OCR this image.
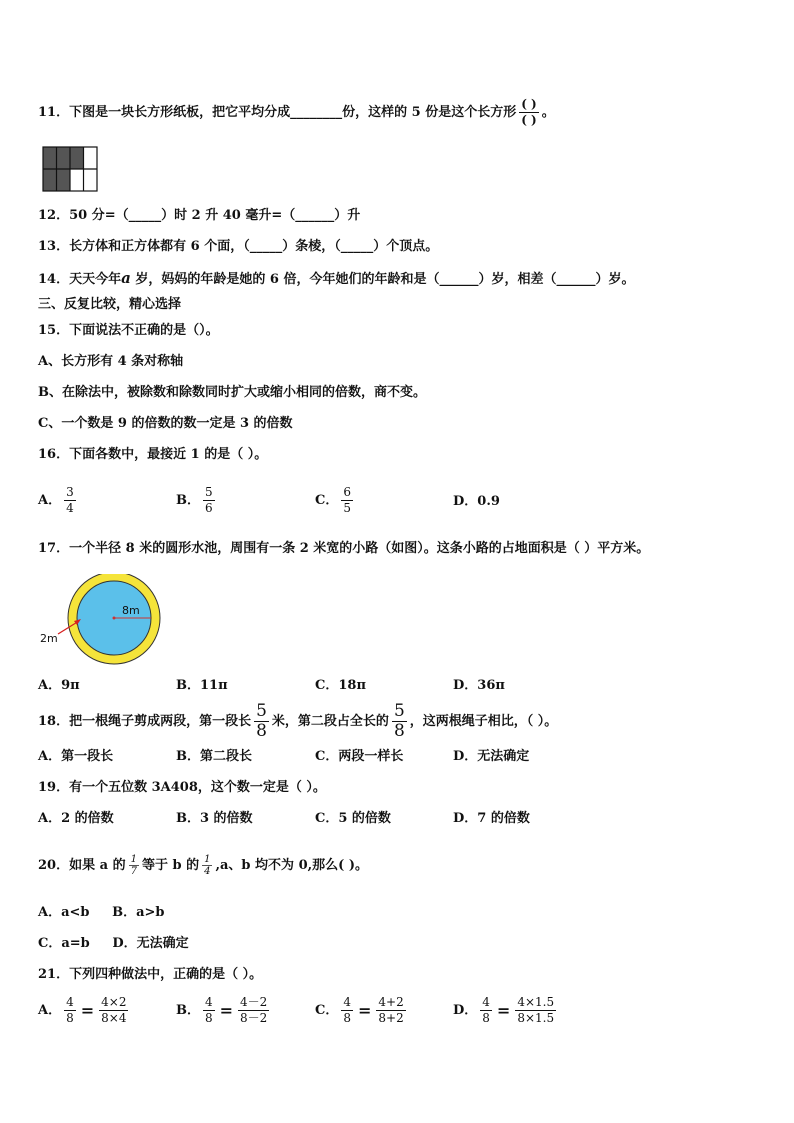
11．下图是一块长方形纸板，把它平均分成________份，这样的 5 份是这个长方形 $\frac{( )}{( )}$ 。
12．50 分=（_____）时 2 升 40 毫升=（______）升
13．长方体和正方体都有 6 个面，（_____）条棱，（_____）个顶点。
14．天天今年a 岁，妈妈的年龄是她的 6 倍，今年她们的年龄和是（______）岁，相差（______）岁。
三、反复比较，精心选择
15．下面说法不正确的是（）。
A、长方形有 4 条对称轴
B、在除法中，被除数和除数同时扩大或缩小相同的倍数，商不变。
C、一个数是 9 的倍数的数一定是 3 的倍数
16．下面各数中，最接近 1 的是（ ）。
A． $\frac{3}{4}$	B． $\frac{5}{6}$	C． $\frac{6}{5}$	D．0.9
17．一个半径 8 米的圆形水池，周围有一条 2 米宽的小路（如图）。这条小路的占地面积是（ ）平方米。
8m
2m
A．9π	B．11π	C．18π	D．36π
18．把一根绳子剪成两段，第一段长 $\frac{5}{8}$ 米，第二段占全长的 $\frac{5}{8}$ ，这两根绳子相比，（ ）。
A．第一段长	B．第二段长	C．两段一样长	D．无法确定
19．有一个五位数 3A408，这个数一定是（ ）。
A．2 的倍数	B．3 的倍数	C．5 的倍数	D．7 的倍数
20．如果 a 的 $\frac{1}{7}$ 等于 b 的 $\frac{1}{4} ,a$、b 均不为 0,那么( )。
A．a<b     B．a>b
C．a=b     D．无法确定
21．下列四种做法中，正确的是（ ）。
A． $\frac{4}{8} = \frac{4\times 2}{8\times 4}$	B． $\frac{4}{8} = \frac{4-2}{8-2}$	C． $\frac{4}{8} = \frac{4+2}{8+2}$	D． $\frac{4}{8} = \frac{4\times 1.5}{8\times 1.5}$
